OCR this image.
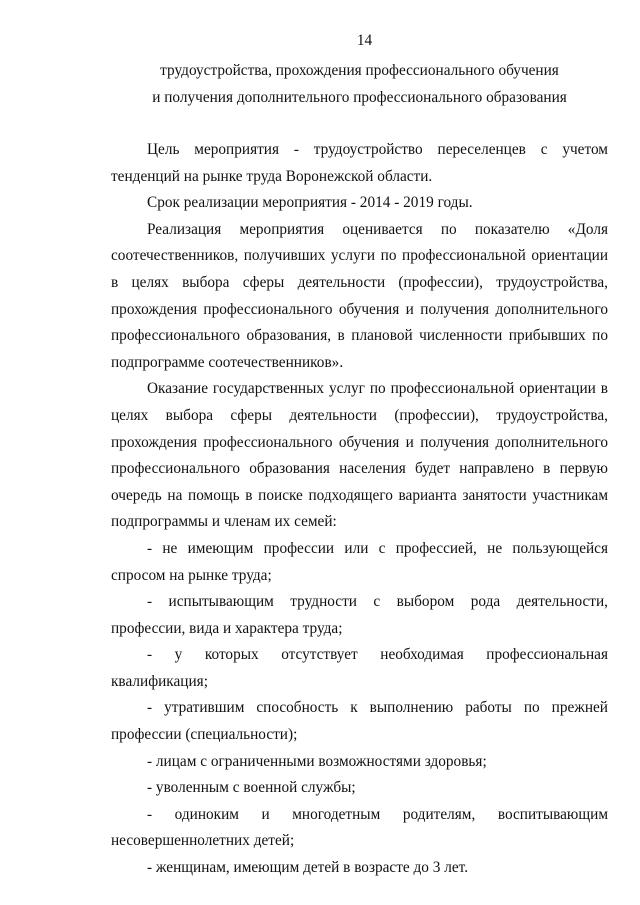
14
трудоустройства, прохождения профессионального обучения
и получения дополнительного профессионального образования

Цель мероприятия - трудоустройство переселенцев с учетом тенденций на рынке труда Воронежской области.

Срок реализации мероприятия - 2014 - 2019 годы.

Реализация мероприятия оценивается по показателю «Доля соотечественников, получивших услуги по профессиональной ориентации в целях выбора сферы деятельности (профессии), трудоустройства, прохождения профессионального обучения и получения дополнительного профессионального образования, в плановой численности прибывших по подпрограмме соотечественников».

Оказание государственных услуг по профессиональной ориентации в целях выбора сферы деятельности (профессии), трудоустройства, прохождения профессионального обучения и получения дополнительного профессионального образования населения будет направлено в первую очередь на помощь в поиске подходящего варианта занятости участникам подпрограммы и членам их семей:

- не имеющим профессии или с профессией, не пользующейся спросом на рынке труда;

- испытывающим трудности с выбором рода деятельности, профессии, вида и характера труда;

- у которых отсутствует необходимая профессиональная квалификация;

- утратившим способность к выполнению работы по прежней профессии (специальности);

- лицам с ограниченными возможностями здоровья;

- уволенным с военной службы;

- одиноким и многодетным родителям, воспитывающим несовершеннолетних детей;

- женщинам, имеющим детей в возрасте до 3 лет.
